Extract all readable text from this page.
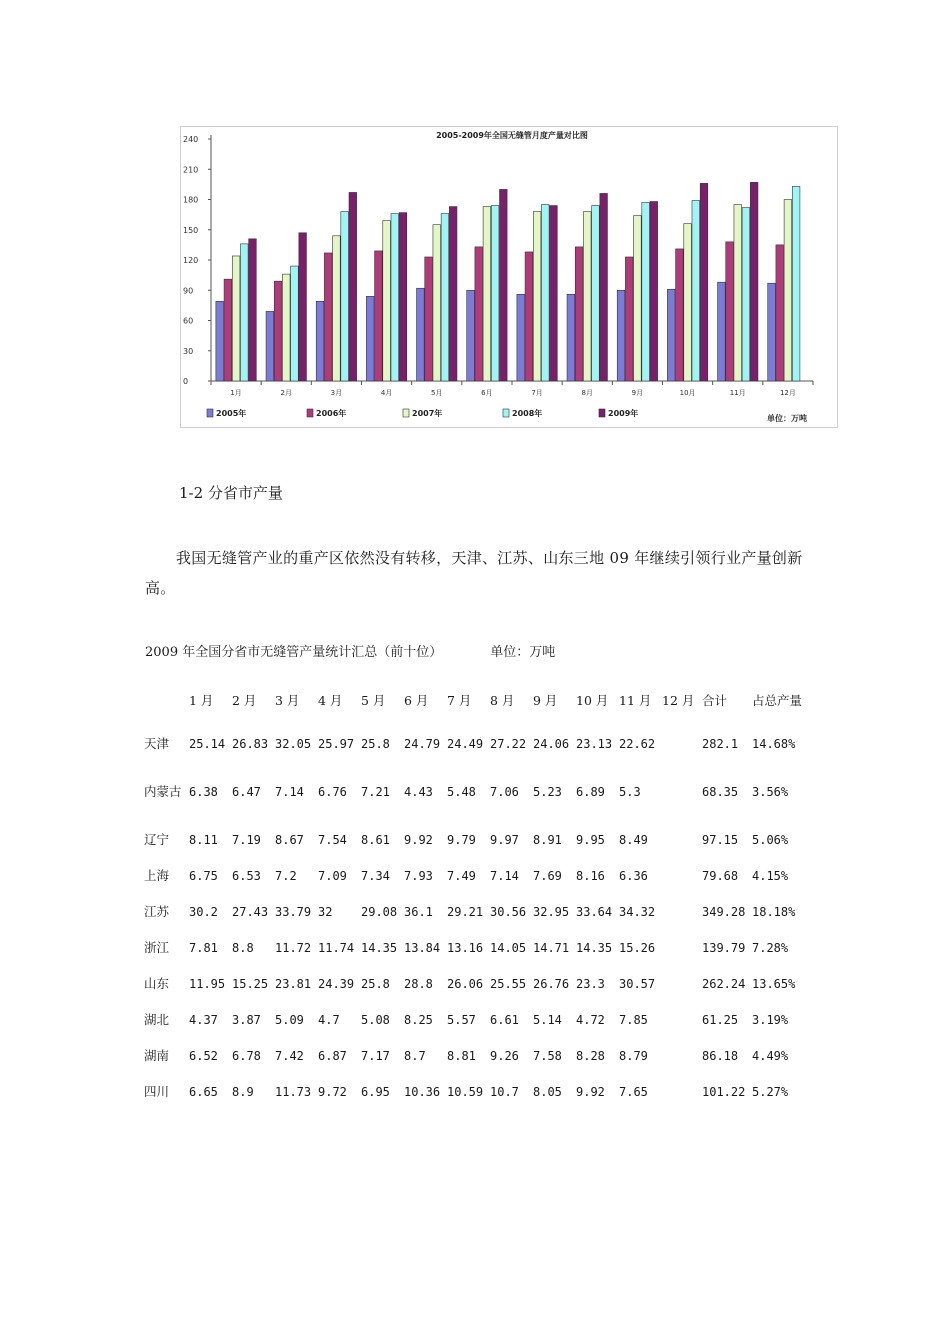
2005-2009年全国无缝管月度产量对比图
0
30
60
90
120
150
180
210
240
1月	2月	3月	4月	5月	6月	7月	8月	9月	10月	11月	12月
2005年	2006年	2007年	2008年	2009年
单位：万吨
1-2 分省市产量
我国无缝管产业的重产区依然没有转移，天津、江苏、山东三地 09 年继续引领行业产量创新高。
2009 年全国分省市无缝管产量统计汇总（前十位）	单位：万吨
	1 月	2 月	3 月	4 月	5 月	6 月	7 月	8 月	9 月	10 月	11 月	12 月	合计	占总产量
天津	25.14	26.83	32.05	25.97	25.8	24.79	24.49	27.22	24.06	23.13	22.62		282.1	14.68%
内蒙古	6.38	6.47	7.14	6.76	7.21	4.43	5.48	7.06	5.23	6.89	5.3		68.35	3.56%
辽宁	8.11	7.19	8.67	7.54	8.61	9.92	9.79	9.97	8.91	9.95	8.49		97.15	5.06%
上海	6.75	6.53	7.2	7.09	7.34	7.93	7.49	7.14	7.69	8.16	6.36		79.68	4.15%
江苏	30.2	27.43	33.79	32	29.08	36.1	29.21	30.56	32.95	33.64	34.32		349.28	18.18%
浙江	7.81	8.8	11.72	11.74	14.35	13.84	13.16	14.05	14.71	14.35	15.26		139.79	7.28%
山东	11.95	15.25	23.81	24.39	25.8	28.8	26.06	25.55	26.76	23.3	30.57		262.24	13.65%
湖北	4.37	3.87	5.09	4.7	5.08	8.25	5.57	6.61	5.14	4.72	7.85		61.25	3.19%
湖南	6.52	6.78	7.42	6.87	7.17	8.7	8.81	9.26	7.58	8.28	8.79		86.18	4.49%
四川	6.65	8.9	11.73	9.72	6.95	10.36	10.59	10.7	8.05	9.92	7.65		101.22	5.27%
